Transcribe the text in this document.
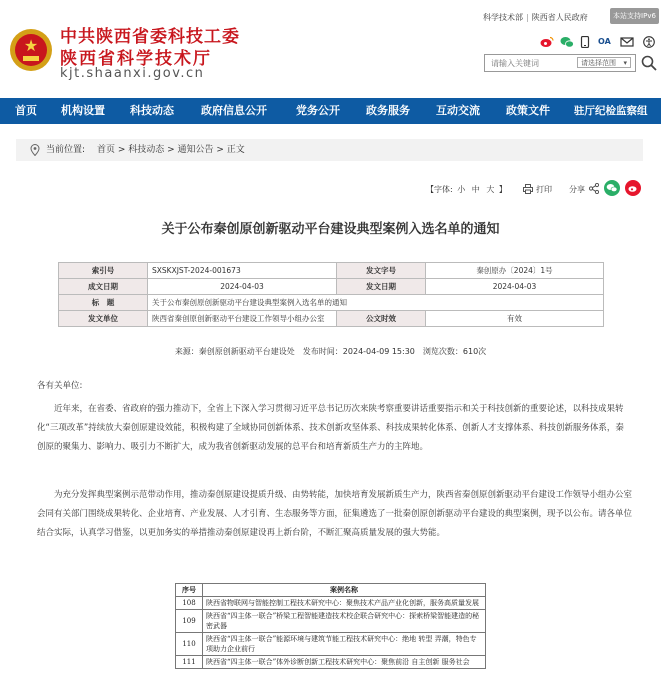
★	中共陕西省委科技工委
陕西省科学技术厅
kjt.shaanxi.gov.cn
科学技术部 | 陕西省人民政府	本站支持IPv6
OA
请输入关键词
请选择范围 ▾
首页 机构设置 科技动态 政府信息公开	党务公开 政务服务 互动交流 政策文件 驻厅纪检监察组
当前位置: 首页 > 科技动态 > 通知公告 > 正文
【字体: 小 中 大 】	打印 分享
关于公布秦创原创新驱动平台建设典型案例入选名单的通知
索引号	SXSKXJST-2024-001673	发文字号	秦创原办〔2024〕1号
成文日期	2024-04-03	发文日期	2024-04-03
标　题	关于公布秦创原创新驱动平台建设典型案例入选名单的通知		
发文单位	陕西省秦创原创新驱动平台建设工作领导小组办公室	公文时效	有效
来源：秦创原创新驱动平台建设处　发布时间：2024-04-09 15:30　浏览次数：610次
各有关单位:
近年来，在省委、省政府的强力推动下，全省上下深入学习贯彻习近平总书记历次来陕考察重要讲话重要指示和关于科技创新的重要论述，以科技成果转化“三项改革”持续放大秦创原建设效能，积极构建了全域协同创新体系、技术创新攻坚体系、科技成果转化体系、创新人才支撑体系、科技创新服务体系，秦创原的聚集力、影响力、吸引力不断扩大，成为我省创新驱动发展的总平台和培育新质生产力的主阵地。
为充分发挥典型案例示范带动作用，推动秦创原建设提质升级、由势转能，加快培育发展新质生产力，陕西省秦创原创新驱动平台建设工作领导小组办公室会同有关部门围绕成果转化、企业培育、产业发展、人才引育、生态服务等方面，征集遴选了一批秦创原创新驱动平台建设的典型案例，现予以公布。请各单位结合实际，认真学习借鉴，以更加务实的举措推动秦创原建设再上新台阶，不断汇聚高质量发展的强大势能。
序号	案例名称
108	陕西省物联网与智能控制工程技术研究中心：聚焦技术产品产业化创新，服务高质量发展
109	陕西省“四主体一联合”桥梁工程智能建造技术校企联合研究中心：探索桥梁智能建造的秘密武器
110	陕西省“四主体一联合”能源环境与建筑节能工程技术研究中心：绝地 转型 弄潮，特色专项助力企业前行
111	陕西省“四主体一联合”体外诊断创新工程技术研究中心：聚焦前沿 自主创新 服务社会
